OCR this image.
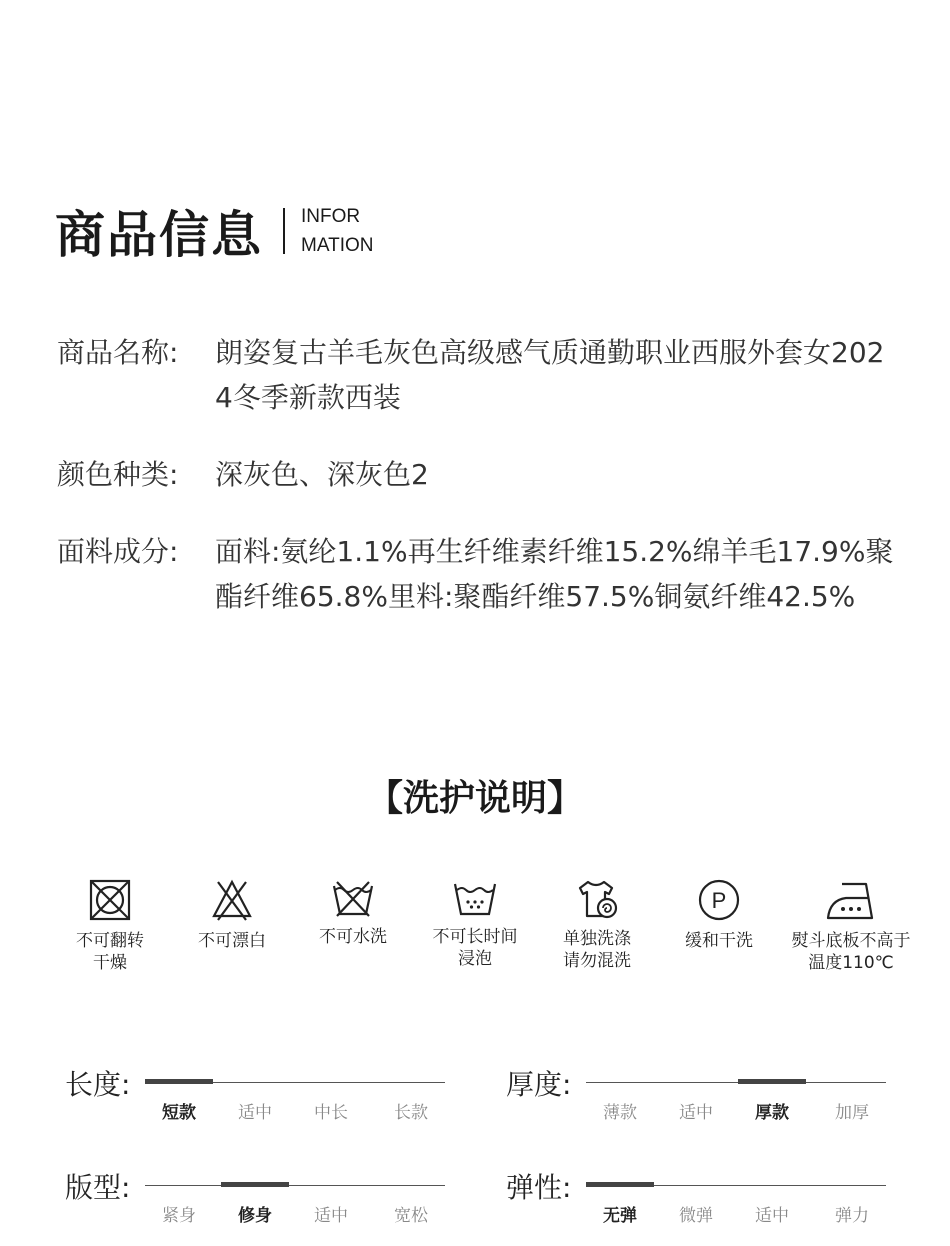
商品信息 INFOR
MATION
商品名称:	朗姿复古羊毛灰色高级感气质通勤职业西服外套女2024冬季新款西装
颜色种类:	深灰色、深灰色2
面料成分:	面料:氨纶1.1%再生纤维素纤维15.2%绵羊毛17.9%聚酯纤维65.8%里料:聚酯纤维57.5%铜氨纤维42.5%
【洗护说明】
不可翻转
干燥
不可漂白	不可水洗	不可长时间
浸泡
单独洗涤
请勿混洗
P
缓和干洗	熨斗底板不高于
温度110℃
长度:
短款	适中	中长	长款
厚度:
薄款	适中	厚款	加厚
版型:
紧身	修身	适中	宽松
弹性:
无弹	微弹	适中	弹力
